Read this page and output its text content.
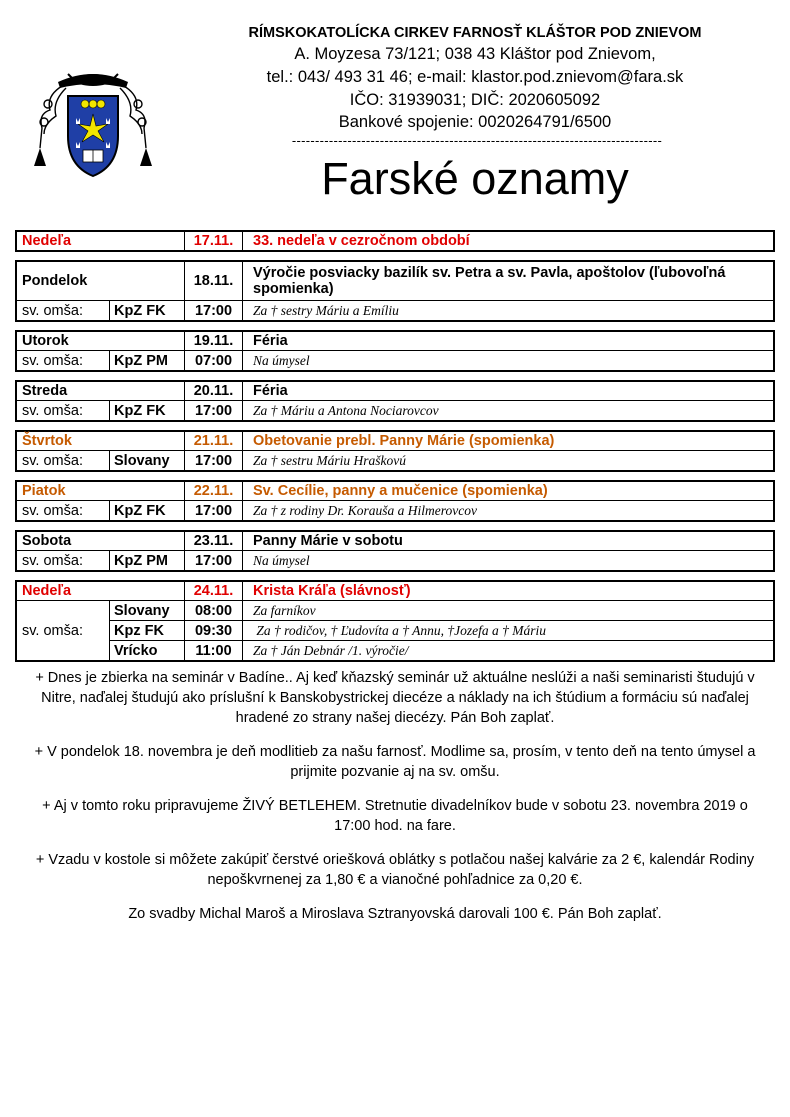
RÍMSKOKATOLÍCKA CIRKEV FARNOSŤ KLÁŠTOR POD ZNIEVOM
A. Moyzesa 73/121; 038 43 Kláštor pod Znievom,
tel.: 043/ 493 31 46; e-mail: klastor.pod.znievom@fara.sk
IČO: 31939031; DIČ: 2020605092
Bankové spojenie: 0020264791/6500
--------------------------------------------------------------------------------
Farské oznamy
Nedeľa	17.11.	33. nedeľa v cezročnom období
Pondelok	18.11.	Výročie posviacky bazilík sv. Petra a sv. Pavla, apoštolov (ľubovoľná spomienka)
sv. omša:	KpZ FK	17:00	Za † sestry Máriu a Emíliu
Utorok	19.11.	Féria
sv. omša:	KpZ PM	07:00	Na úmysel
Streda	20.11.	Féria
sv. omša:	KpZ FK	17:00	Za † Máriu a Antona Nociarovcov
Štvrtok	21.11.	Obetovanie prebl. Panny Márie (spomienka)
sv. omša:	Slovany	17:00	Za † sestru Máriu Hraškovú
Piatok	22.11.	Sv. Cecílie, panny a mučenice (spomienka)
sv. omša:	KpZ FK	17:00	Za † z rodiny Dr. Korauša a Hilmerovcov
Sobota	23.11.	Panny Márie v sobotu
sv. omša:	KpZ PM	17:00	Na úmysel
Nedeľa	24.11.	Krista Kráľa (slávnosť)
sv. omša:
Slovany	08:00	Za farníkov
Kpz FK	09:30	Za † rodičov, † Ľudovíta a † Annu, †Jozefa a † Máriu
Vrícko	11:00	Za † Ján Debnár /1. výročie/

+ Dnes je zbierka na seminár v Badíne.. Aj keď kňazský seminár už aktuálne neslúži a naši seminaristi študujú v Nitre, naďalej študujú ako príslušní k Banskobystrickej diecéze a náklady na ich štúdium a formáciu sú naďalej hradené zo strany našej diecézy. Pán Boh zaplať.

+ V pondelok 18. novembra je deň modlitieb za našu farnosť. Modlime sa, prosím, v tento deň na tento úmysel a prijmite pozvanie aj na sv. omšu.

+ Aj v tomto roku pripravujeme ŽIVÝ BETLEHEM. Stretnutie divadelníkov bude v sobotu 23. novembra 2019 o 17:00 hod. na fare.

+ Vzadu v kostole si môžete zakúpiť čerstvé oriešková oblátky s potlačou našej kalvárie za 2 €, kalendár Rodiny nepoškvrnenej za 1,80 € a vianočné pohľadnice za 0,20 €.

Zo svadby Michal Maroš a Miroslava Sztranyovská darovali 100 €. Pán Boh zaplať.
